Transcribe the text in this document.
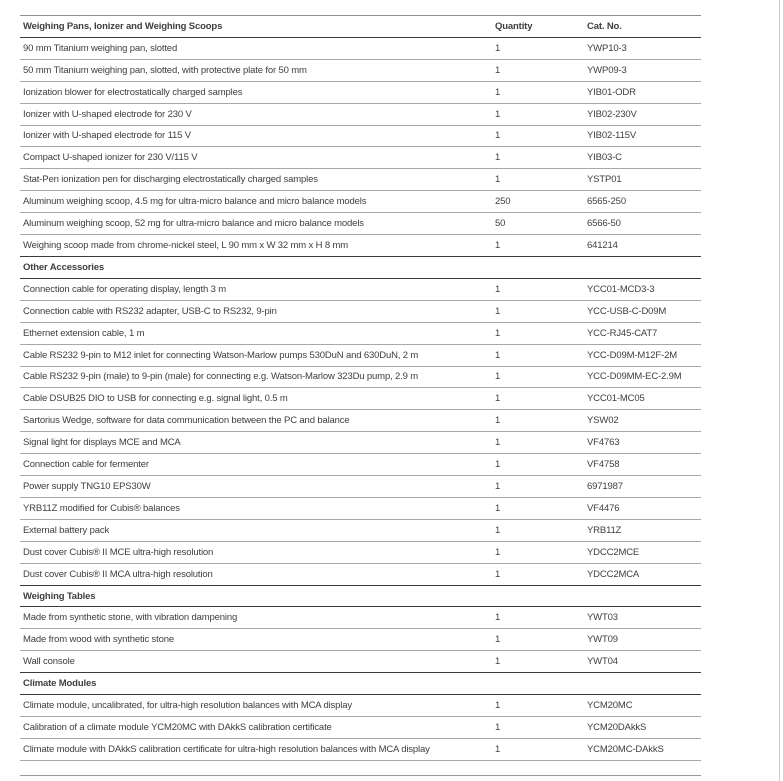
Weighing Pans, Ionizer and Weighing Scoops	Quantity	Cat. No.
90 mm Titanium weighing pan, slotted	1	YWP10-3
50 mm Titanium weighing pan, slotted, with protective plate for 50 mm	1	YWP09-3
Ionization blower for electrostatically charged samples	1	YIB01-ODR
Ionizer with U-shaped electrode for 230 V	1	YIB02-230V
Ionizer with U-shaped electrode for 115 V	1	YIB02-115V
Compact U-shaped ionizer for 230 V/115 V	1	YIB03-C
Stat-Pen ionization pen for discharging electrostatically charged samples	1	YSTP01
Aluminum weighing scoop, 4.5 mg for ultra-micro balance and micro balance models	250	6565-250
Aluminum weighing scoop, 52 mg for ultra-micro balance and micro balance models	50	6566-50
Weighing scoop made from chrome-nickel steel, L 90 mm x W 32 mm x H 8 mm	1	641214
Other Accessories
Connection cable for operating display, length 3 m	1	YCC01-MCD3-3
Connection cable with RS232 adapter, USB-C to RS232, 9-pin	1	YCC-USB-C-D09M
Ethernet extension cable, 1 m	1	YCC-RJ45-CAT7
Cable RS232 9-pin to M12 inlet for connecting Watson-Marlow pumps 530DuN and 630DuN, 2 m	1	YCC-D09M-M12F-2M
Cable RS232 9-pin (male) to 9-pin (male) for connecting e.g. Watson-Marlow 323Du pump, 2.9 m	1	YCC-D09MM-EC-2.9M
Cable DSUB25 DIO to USB for connecting e.g. signal light, 0.5 m	1	YCC01-MC05
Sartorius Wedge, software for data communication between the PC and balance	1	YSW02
Signal light for displays MCE and MCA	1	VF4763
Connection cable for fermenter	1	VF4758
Power supply TNG10 EPS30W	1	6971987
YRB11Z modified for Cubis® balances	1	VF4476
External battery pack	1	YRB11Z
Dust cover Cubis® II MCE ultra-high resolution	1	YDCC2MCE
Dust cover Cubis® II MCA ultra-high resolution	1	YDCC2MCA
Weighing Tables
Made from synthetic stone, with vibration dampening	1	YWT03
Made from wood with synthetic stone	1	YWT09
Wall console	1	YWT04
Climate Modules
Climate module, uncalibrated, for ultra-high resolution balances with MCA display	1	YCM20MC
Calibration of a climate module YCM20MC with DAkkS calibration certificate	1	YCM20DAkkS
Climate module with DAkkS calibration certificate for ultra-high resolution balances with MCA display	1	YCM20MC-DAkkS
